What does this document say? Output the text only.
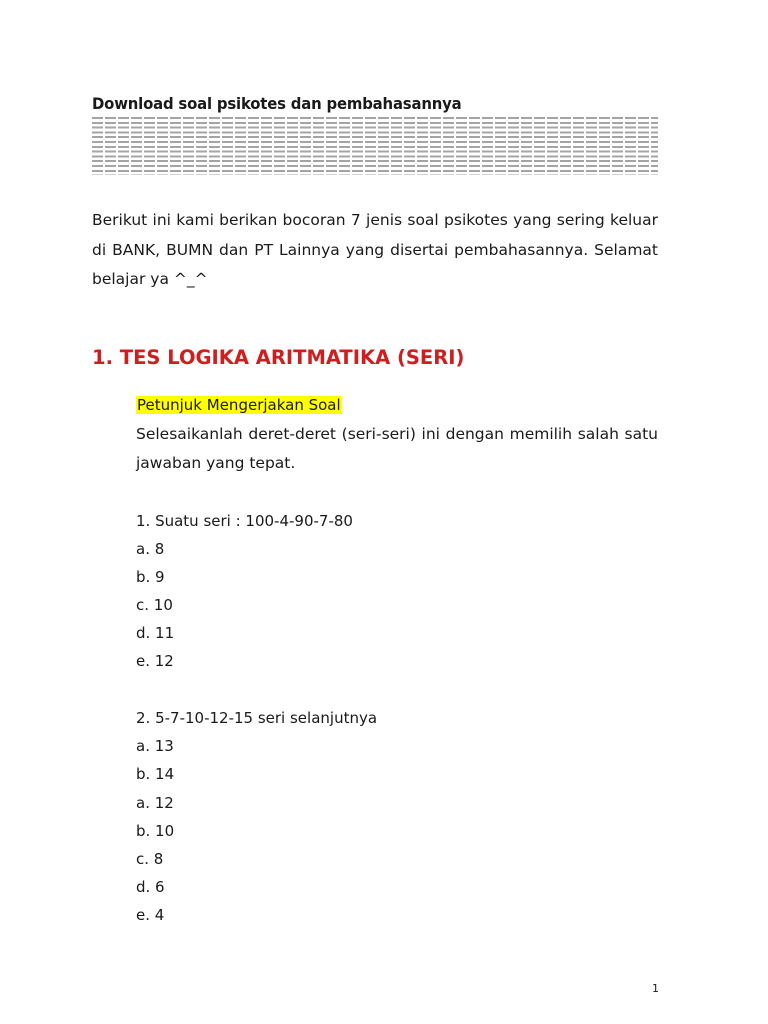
Download soal psikotes dan pembahasannya

Berikut ini kami berikan bocoran 7 jenis soal psikotes yang sering keluar di BANK, BUMN dan PT Lainnya yang disertai pembahasannya. Selamat belajar ya ^_^

1. TES LOGIKA ARITMATIKA (SERI)
Petunjuk Mengerjakan Soal

Selesaikanlah deret-deret (seri-seri) ini dengan memilih salah satu jawaban yang tepat.

1. Suatu seri : 100-4-90-7-80
a. 8
b. 9
c. 10
d. 11
e. 12
2. 5-7-10-12-15 seri selanjutnya
a. 13
b. 14
a. 12
b. 10
c. 8
d. 6
e. 4
1
